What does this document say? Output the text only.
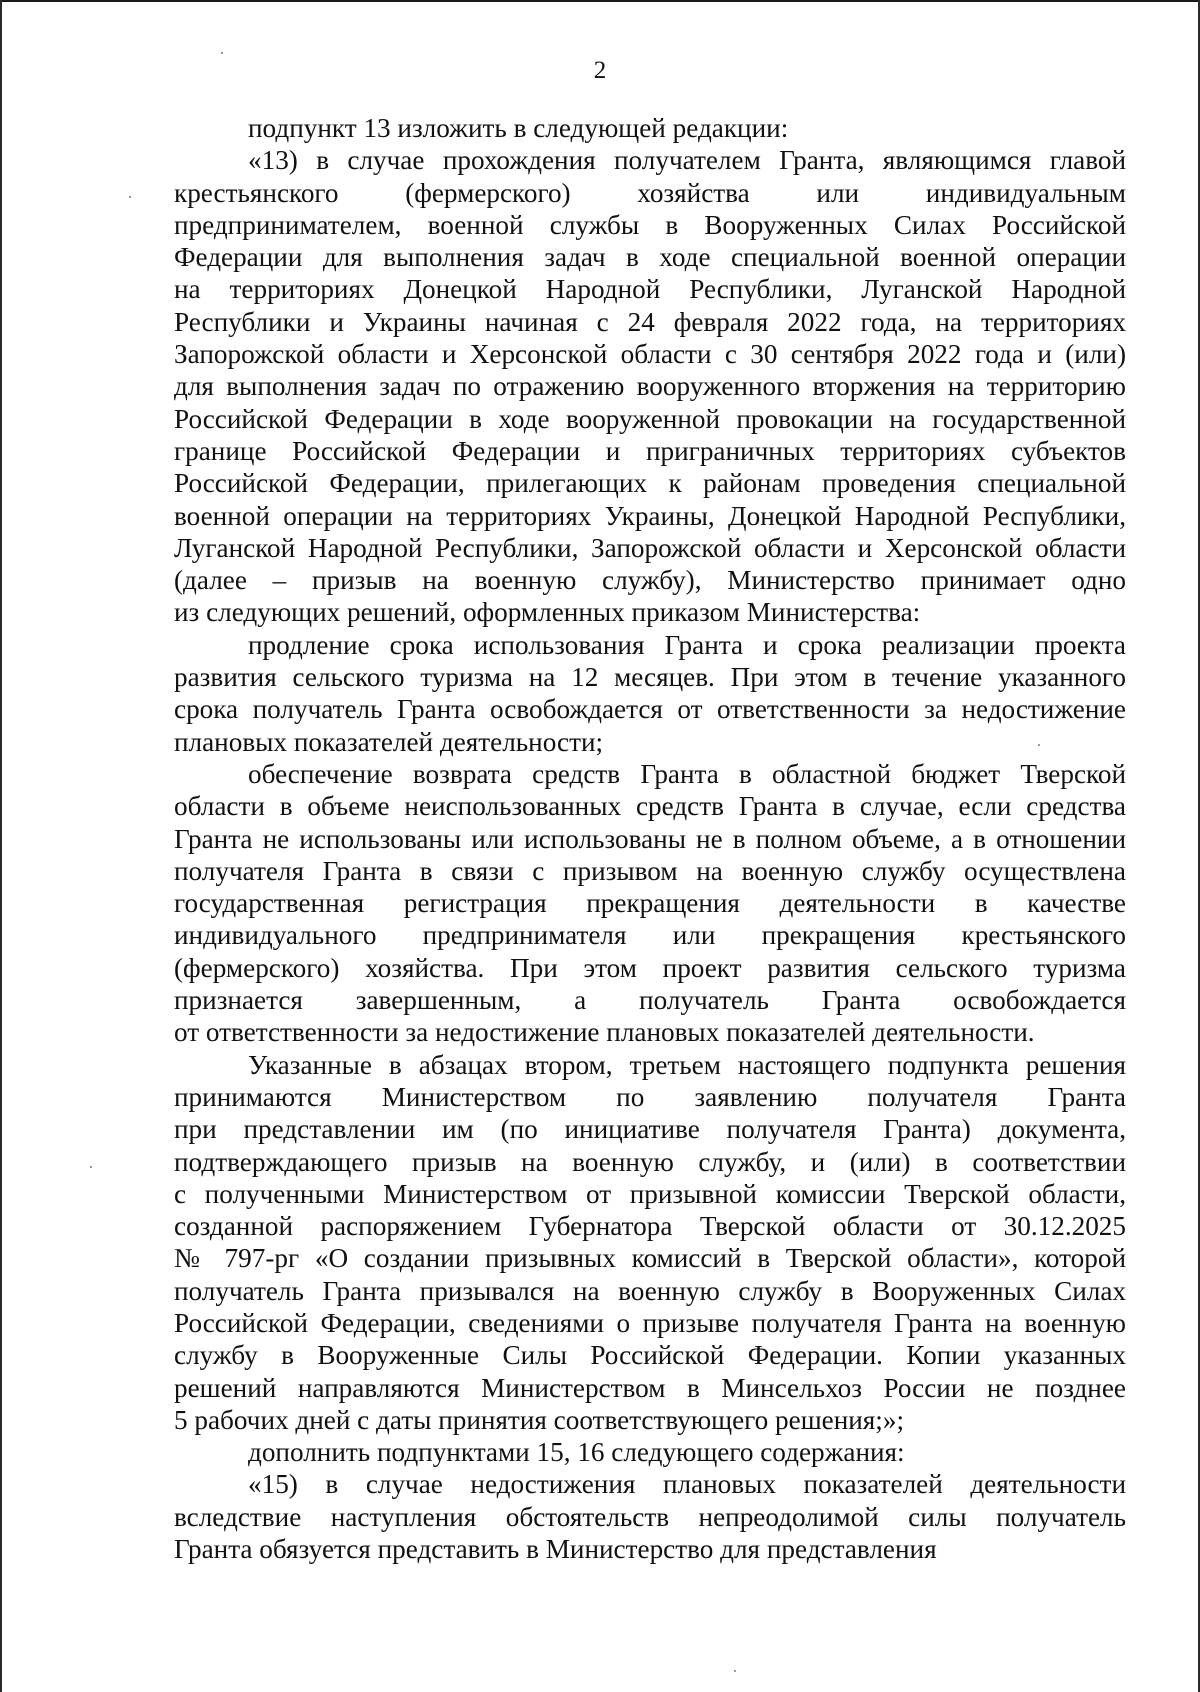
2
подпункт 13 изложить в следующей редакции:
«13) в случае прохождения получателем Гранта, являющимся главой
крестьянского (фермерского) хозяйства или индивидуальным
предпринимателем, военной службы в Вооруженных Силах Российской
Федерации для выполнения задач в ходе специальной военной операции
на территориях Донецкой Народной Республики, Луганской Народной
Республики и Украины начиная с 24 февраля 2022 года, на территориях
Запорожской области и Херсонской области с 30 сентября 2022 года и (или)
для выполнения задач по отражению вооруженного вторжения на территорию
Российской Федерации в ходе вооруженной провокации на государственной
границе Российской Федерации и приграничных территориях субъектов
Российской Федерации, прилегающих к районам проведения специальной
военной операции на территориях Украины, Донецкой Народной Республики,
Луганской Народной Республики, Запорожской области и Херсонской области
(далее – призыв на военную службу), Министерство принимает одно
из следующих решений, оформленных приказом Министерства:
продление срока использования Гранта и срока реализации проекта
развития сельского туризма на 12 месяцев. При этом в течение указанного
срока получатель Гранта освобождается от ответственности за недостижение
плановых показателей деятельности;
обеспечение возврата средств Гранта в областной бюджет Тверской
области в объеме неиспользованных средств Гранта в случае, если средства
Гранта не использованы или использованы не в полном объеме, а в отношении
получателя Гранта в связи с призывом на военную службу осуществлена
государственная регистрация прекращения деятельности в качестве
индивидуального предпринимателя или прекращения крестьянского
(фермерского) хозяйства. При этом проект развития сельского туризма
признается завершенным, а получатель Гранта освобождается
от ответственности за недостижение плановых показателей деятельности.
Указанные в абзацах втором, третьем настоящего подпункта решения
принимаются Министерством по заявлению получателя Гранта
при представлении им (по инициативе получателя Гранта) документа,
подтверждающего призыв на военную службу, и (или) в соответствии
с полученными Министерством от призывной комиссии Тверской области,
созданной распоряжением Губернатора Тверской области от 30.12.2025
№ 797-рг «О создании призывных комиссий в Тверской области», которой
получатель Гранта призывался на военную службу в Вооруженных Силах
Российской Федерации, сведениями о призыве получателя Гранта на военную
службу в Вооруженные Силы Российской Федерации. Копии указанных
решений направляются Министерством в Минсельхоз России не позднее
5 рабочих дней с даты принятия соответствующего решения;»;
дополнить подпунктами 15, 16 следующего содержания:
«15) в случае недостижения плановых показателей деятельности
вследствие наступления обстоятельств непреодолимой силы получатель
Гранта обязуется представить в Министерство для представления
